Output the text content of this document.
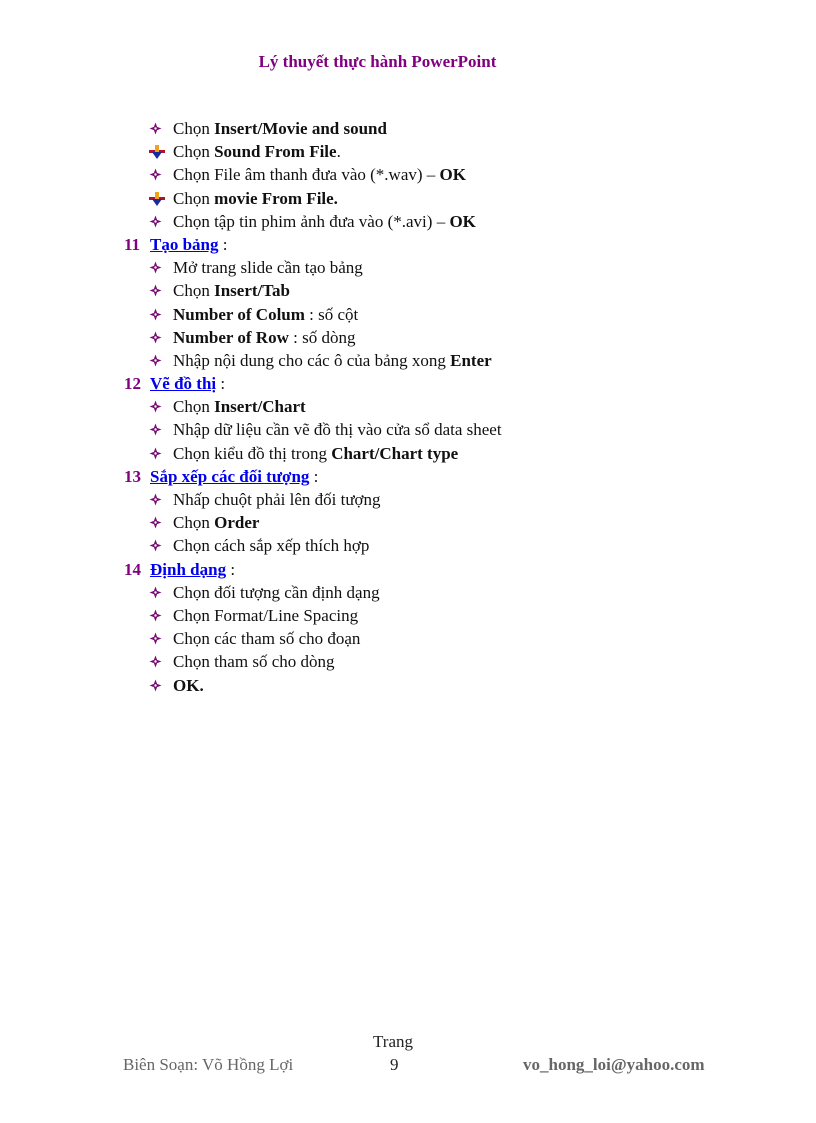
Lý thuyết thực hành PowerPoint
Chọn Insert/Movie and sound
Chọn Sound From File.
Chọn File âm thanh đưa vào (*.wav) – OK
Chọn movie From File.
Chọn tập tin phim ảnh đưa vào (*.avi) – OK
11 Tạo bảng :
Mở trang slide cần tạo bảng
Chọn Insert/Tab
Number of Colum : số cột
Number of Row : số dòng
Nhập nội dung cho các ô của bảng xong Enter
12 Vẽ đồ thị :
Chọn Insert/Chart
Nhập dữ liệu cần vẽ đồ thị vào cửa sổ data sheet
Chọn kiểu đồ thị trong Chart/Chart type
13 Sắp xếp các đối tượng :
Nhấp chuột phải lên đối tượng
Chọn Order
Chọn cách sắp xếp thích hợp
14 Định dạng :
Chọn đối tượng cần định dạng
Chọn Format/Line Spacing
Chọn các tham số cho đoạn
Chọn tham số cho dòng
OK.
Trang
Biên Soạn: Võ Hồng Lợi	9	vo_hong_loi@yahoo.com
